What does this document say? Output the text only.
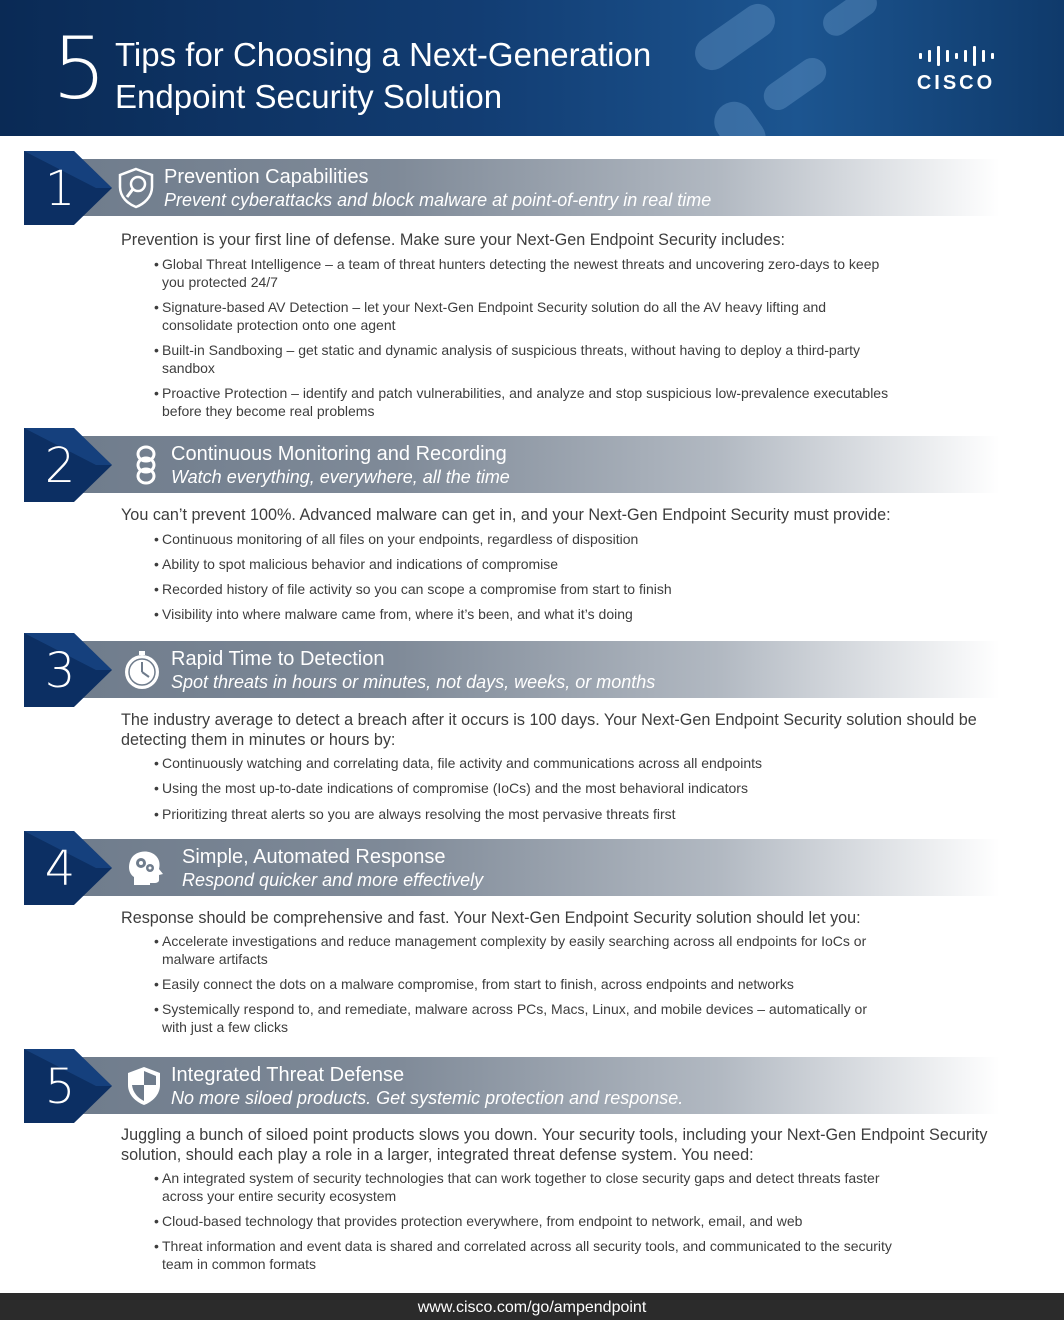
5 Tips for Choosing a Next-Generation
Endpoint Security Solution	CISCO
1	Prevention Capabilities
Prevent cyberattacks and block malware at point-of-entry in real time
Prevention is your first line of defense. Make sure your Next-Gen Endpoint Security includes:
• Global Threat Intelligence – a team of threat hunters detecting the newest threats and uncovering zero-days to keep you protected 24/7
• Signature-based AV Detection – let your Next-Gen Endpoint Security solution do all the AV heavy lifting and consolidate protection onto one agent
• Built-in Sandboxing – get static and dynamic analysis of suspicious threats, without having to deploy a third-party sandbox
• Proactive Protection – identify and patch vulnerabilities, and analyze and stop suspicious low-prevalence executables before they become real problems
2	Continuous Monitoring and Recording
Watch everything, everywhere, all the time
You can’t prevent 100%. Advanced malware can get in, and your Next-Gen Endpoint Security must provide:
• Continuous monitoring of all files on your endpoints, regardless of disposition
• Ability to spot malicious behavior and indications of compromise
• Recorded history of file activity so you can scope a compromise from start to finish
• Visibility into where malware came from, where it’s been, and what it’s doing
3	Rapid Time to Detection
Spot threats in hours or minutes, not days, weeks, or months
The industry average to detect a breach after it occurs is 100 days. Your Next-Gen Endpoint Security solution should be detecting them in minutes or hours by:
• Continuously watching and correlating data, file activity and communications across all endpoints
• Using the most up-to-date indications of compromise (IoCs) and the most behavioral indicators
• Prioritizing threat alerts so you are always resolving the most pervasive threats first
4	Simple, Automated Response
Respond quicker and more effectively
Response should be comprehensive and fast. Your Next-Gen Endpoint Security solution should let you:
• Accelerate investigations and reduce management complexity by easily searching across all endpoints for IoCs or malware artifacts
• Easily connect the dots on a malware compromise, from start to finish, across endpoints and networks
• Systemically respond to, and remediate, malware across PCs, Macs, Linux, and mobile devices – automatically or with just a few clicks
5	Integrated Threat Defense
No more siloed products. Get systemic protection and response.
Juggling a bunch of siloed point products slows you down. Your security tools, including your Next-Gen Endpoint Security solution, should each play a role in a larger, integrated threat defense system. You need:
• An integrated system of security technologies that can work together to close security gaps and detect threats faster across your entire security ecosystem
• Cloud-based technology that provides protection everywhere, from endpoint to network, email, and web
• Threat information and event data is shared and correlated across all security tools, and communicated to the security team in common formats
www.cisco.com/go/ampendpoint
